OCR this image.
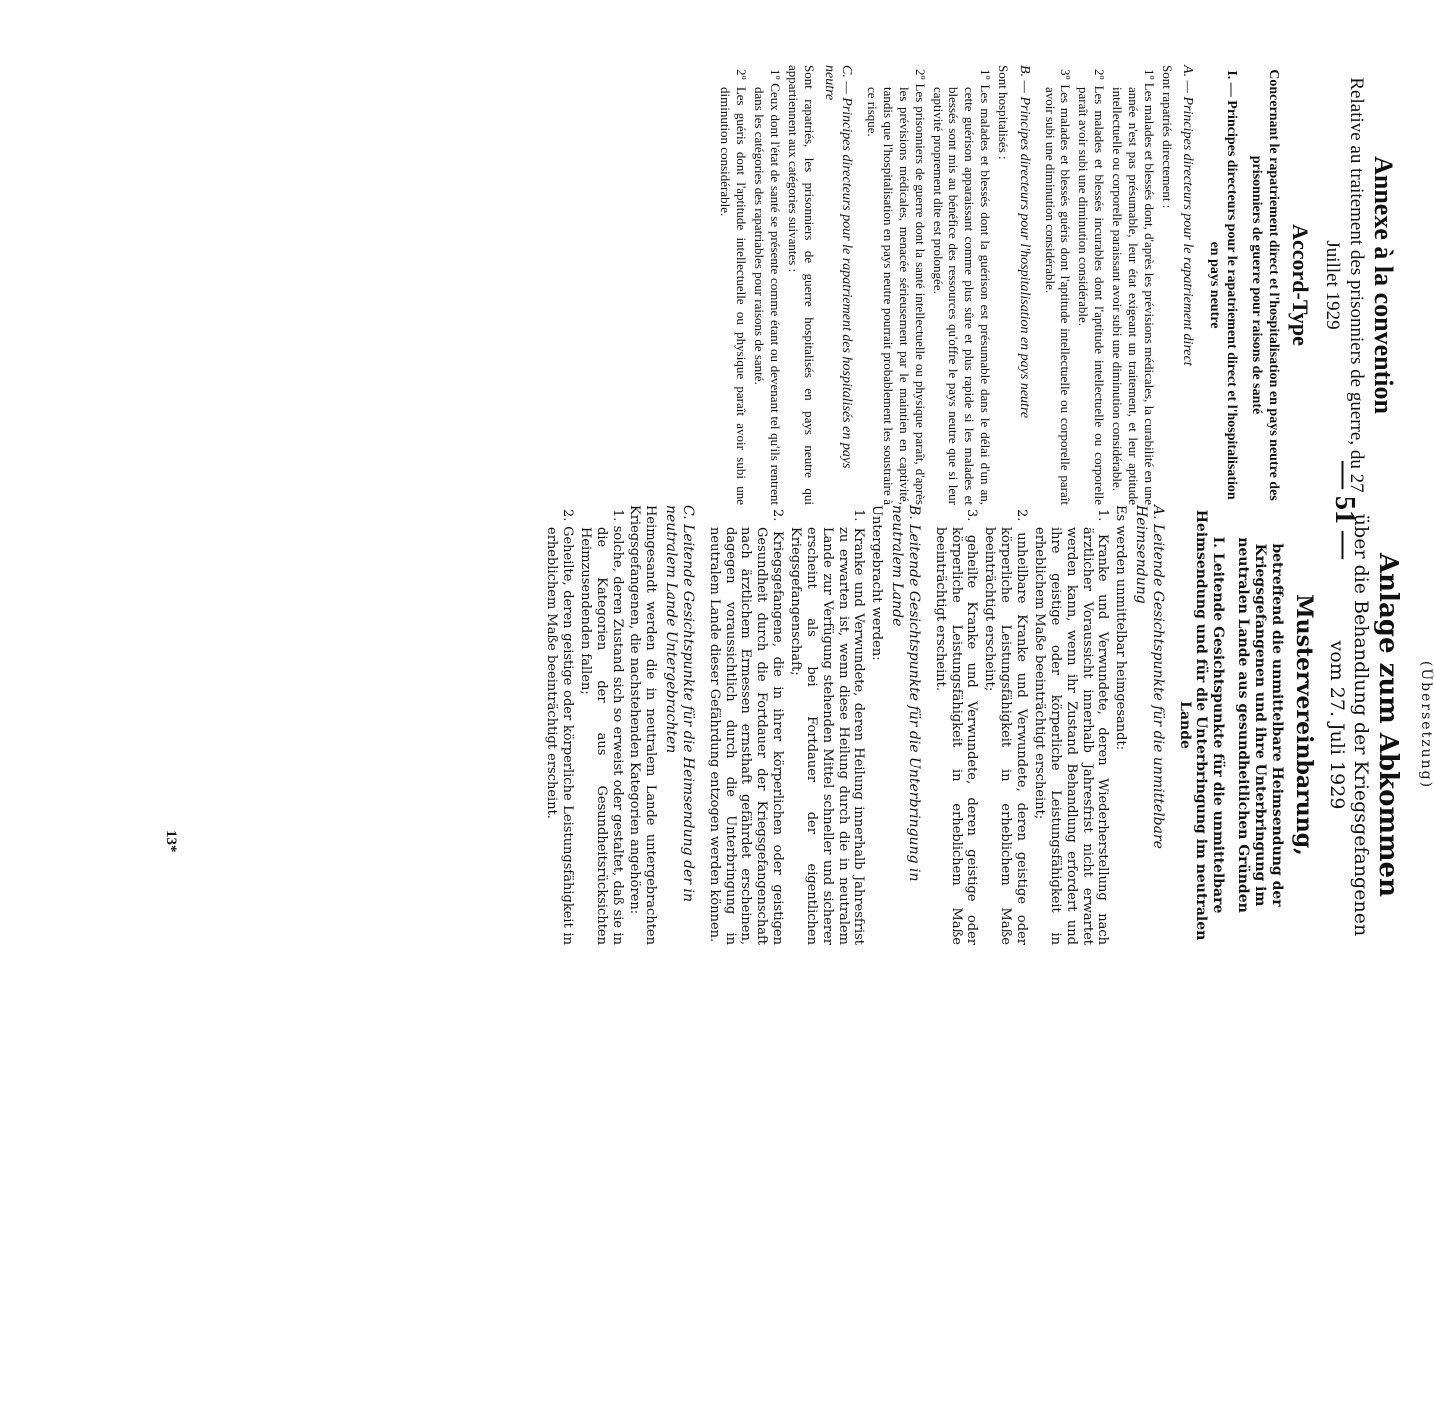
— 51 —
Annexe à la convention
Relative au traitement des prisonniers de guerre, du 27 Juillet 1929
Accord-Type
Concernant le rapatriement direct et l'hospitalisation en pays neutre des prisonniers de guerre pour raisons de santé
I. — Principes directeurs pour le rapatriement direct et l'hospitalisation en pays neutre
A. — Principes directeurs pour le rapatriement direct
Sont rapatriés directement :
1º Les malades et blessés dont, d'après les prévisions médicales, la curabilité en une année n'est pas présumable, leur état exigeant un traitement, et leur aptitude intellectuelle ou corporelle paraissant avoir subi une diminution considérable.
2º Les malades et blessés incurables dont l'aptitude intellectuelle ou corporelle paraît avoir subi une diminution considérable.
3º Les malades et blessés guéris dont l'aptitude intellectuelle ou corporelle paraît avoir subi une diminution considérable.
B. — Principes directeurs pour l'hospitalisation en pays neutre
Sont hospitalisés :
1º Les malades et blessés dont la guérison est présumable dans le délai d'un an, cette guérison apparaissant comme plus sûre et plus rapide si les malades et blessés sont mis au bénéfice des ressources qu'offre le pays neutre que si leur captivité proprement dite est prolongée.
2º Les prisonniers de guerre dont la santé intellectuelle ou physique paraît, d'après les prévisions médicales, menacée sérieusement par le maintien en captivité, tandis que l'hospitalisation en pays neutre pourrait probablement les soustraire à ce risque.
C. — Principes directeurs pour le rapatriement des hospitalisés en pays neutre
Sont rapatriés, les prisonniers de guerre hospitalisés en pays neutre qui appartiennent aux catégories suivantes :
1º Ceux dont l'état de santé se présente comme étant ou devenant tel qu'ils rentrent dans les catégories des rapatriables pour raisons de santé.
2º Les guéris dont l'aptitude intellectuelle ou physique paraît avoir subi une diminution considérable.
(Übersetzung)
Anlage zum Abkommen
über die Behandlung der Kriegsgefangenen vom 27. Juli 1929
Mustervereinbarung,
betreffend die unmittelbare Heimsendung der Kriegsgefangenen und ihre Unterbringung im neutralen Lande aus gesundheitlichen Gründen
I. Leitende Gesichtspunkte für die unmittelbare Heimsendung und für die Unterbringung im neutralen Lande
A. Leitende Gesichtspunkte für die unmittelbare Heimsendung
Es werden unmittelbar heimgesandt:
1. Kranke und Verwundete, deren Wiederherstellung nach ärztlicher Voraussicht innerhalb Jahresfrist nicht erwartet werden kann, wenn ihr Zustand Behandlung erfordert und ihre geistige oder körperliche Leistungsfähigkeit in erheblichem Maße beeinträchtigt erscheint;
2. unheilbare Kranke und Verwundete, deren geistige oder körperliche Leistungsfähigkeit in erheblichem Maße beeinträchtigt erscheint;
3. geheilte Kranke und Verwundete, deren geistige oder körperliche Leistungsfähigkeit in erheblichem Maße beeinträchtigt erscheint.
B. Leitende Gesichtspunkte für die Unterbringung in neutralem Lande
Untergebracht werden:
1. Kranke und Verwundete, deren Heilung innerhalb Jahresfrist zu erwarten ist, wenn diese Heilung durch die in neutralem Lande zur Verfügung stehenden Mittel schneller und sicherer erscheint als bei Fortdauer der eigentlichen Kriegsgefangenschaft;
2. Kriegsgefangene, die in ihrer körperlichen oder geistigen Gesundheit durch die Fortdauer der Kriegsgefangenschaft nach ärztlichem Ermessen ernsthaft gefährdet erscheinen, dagegen voraussichtlich durch die Unterbringung in neutralem Lande dieser Gefährdung entzogen werden können.
C. Leitende Gesichtspunkte für die Heimsendung der in neutralem Lande Untergebrachten
Heimgesandt werden die in neutralem Lande untergebrachten Kriegsgefangenen, die nachstehenden Kategorien angehören:
1. solche, deren Zustand sich so erweist oder gestaltet, daß sie in die Kategorien der aus Gesundheitsrücksichten Heimzusendenden fallen;
2. Geheilte, deren geistige oder körperliche Leistungsfähigkeit in erheblichem Maße beeinträchtigt erscheint.
13*
